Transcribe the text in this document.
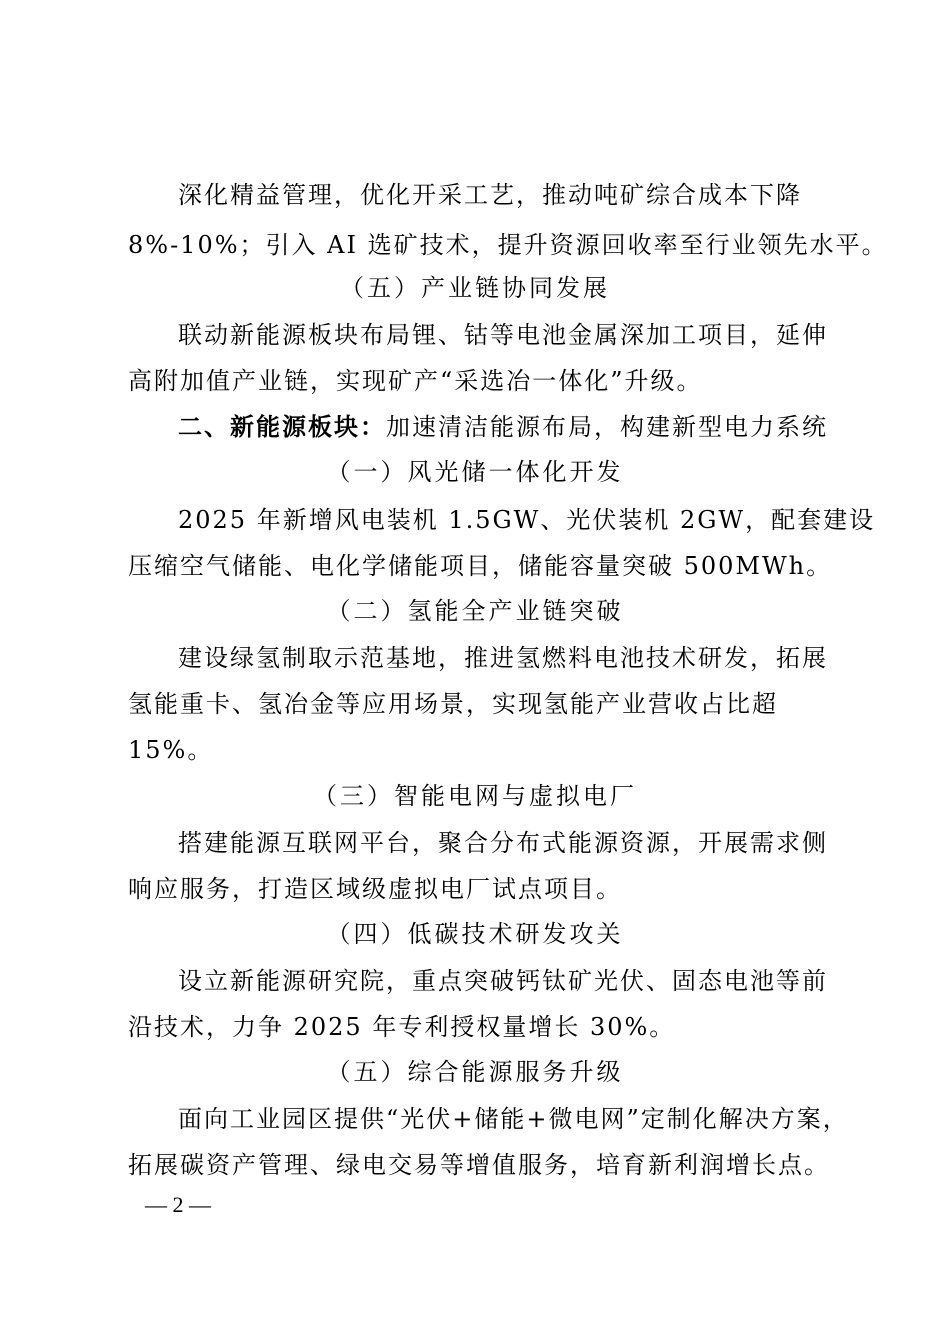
深化精益管理，优化开采工艺，推动吨矿综合成本下降
8%-10%；引入 AI 选矿技术，提升资源回收率至行业领先水平。
（五）产业链协同发展
联动新能源板块布局锂、钴等电池金属深加工项目，延伸
高附加值产业链，实现矿产“采选冶一体化”升级。
二、新能源板块：加速清洁能源布局，构建新型电力系统
（一）风光储一体化开发
2025 年新增风电装机 1.5GW、光伏装机 2GW，配套建设
压缩空气储能、电化学储能项目，储能容量突破 500MWh。
（二）氢能全产业链突破
建设绿氢制取示范基地，推进氢燃料电池技术研发，拓展
氢能重卡、氢冶金等应用场景，实现氢能产业营收占比超
15%。
（三）智能电网与虚拟电厂
搭建能源互联网平台，聚合分布式能源资源，开展需求侧
响应服务，打造区域级虚拟电厂试点项目。
（四）低碳技术研发攻关
设立新能源研究院，重点突破钙钛矿光伏、固态电池等前
沿技术，力争 2025 年专利授权量增长 30%。
（五）综合能源服务升级
面向工业园区提供“光伏+储能+微电网”定制化解决方案，
拓展碳资产管理、绿电交易等增值服务，培育新利润增长点。
— 2 —
